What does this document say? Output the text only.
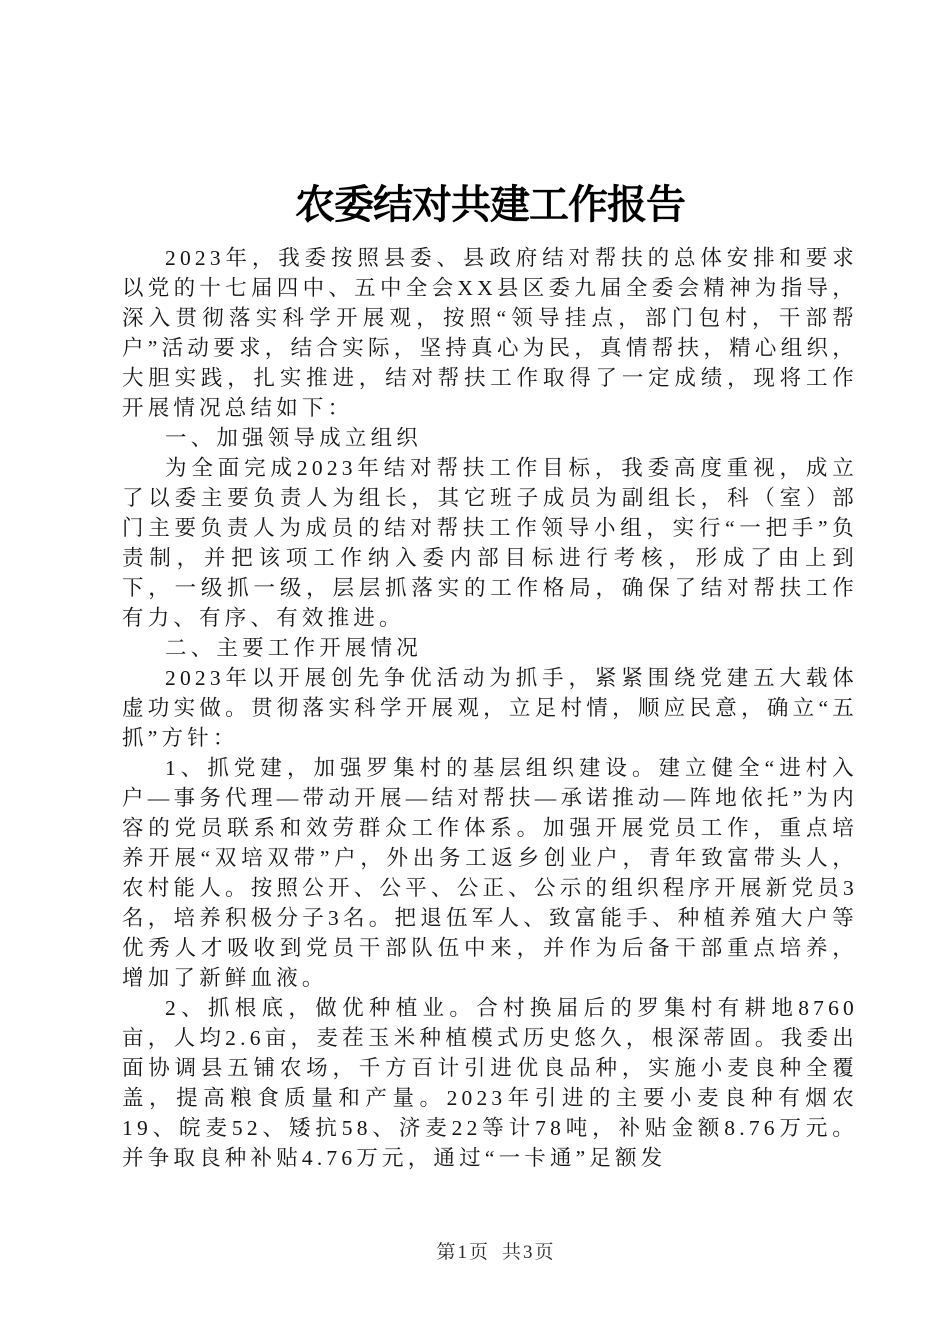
农委结对共建工作报告

2023年，我委按照县委、县政府结对帮扶的总体安排和要求以党的十七届四中、五中全会XX县区委九届全委会精神为指导，深入贯彻落实科学开展观，按照“领导挂点，部门包村，干部帮户”活动要求，结合实际，坚持真心为民，真情帮扶，精心组织，大胆实践，扎实推进，结对帮扶工作取得了一定成绩，现将工作开展情况总结如下：

一、加强领导成立组织

为全面完成2023年结对帮扶工作目标，我委高度重视，成立了以委主要负责人为组长，其它班子成员为副组长，科（室）部门主要负责人为成员的结对帮扶工作领导小组，实行“一把手”负责制，并把该项工作纳入委内部目标进行考核，形成了由上到下，一级抓一级，层层抓落实的工作格局，确保了结对帮扶工作有力、有序、有效推进。

二、主要工作开展情况

2023年以开展创先争优活动为抓手，紧紧围绕党建五大载体虚功实做。贯彻落实科学开展观，立足村情，顺应民意，确立“五抓”方针：

1、抓党建，加强罗集村的基层组织建设。建立健全“进村入户—事务代理—带动开展—结对帮扶—承诺推动—阵地依托”为内容的党员联系和效劳群众工作体系。加强开展党员工作，重点培养开展“双培双带”户，外出务工返乡创业户，青年致富带头人，农村能人。按照公开、公平、公正、公示的组织程序开展新党员3名，培养积极分子3名。把退伍军人、致富能手、种植养殖大户等优秀人才吸收到党员干部队伍中来，并作为后备干部重点培养，增加了新鲜血液。

2、抓根底，做优种植业。合村换届后的罗集村有耕地8760亩，人均2.6亩，麦茬玉米种植模式历史悠久，根深蒂固。我委出面协调县五铺农场，千方百计引进优良品种，实施小麦良种全覆盖，提高粮食质量和产量。2023年引进的主要小麦良种有烟农19、皖麦52、矮抗58、济麦22等计78吨，补贴金额8.76万元。并争取良种补贴4.76万元，通过“一卡通”足额发

第1页 共3页
